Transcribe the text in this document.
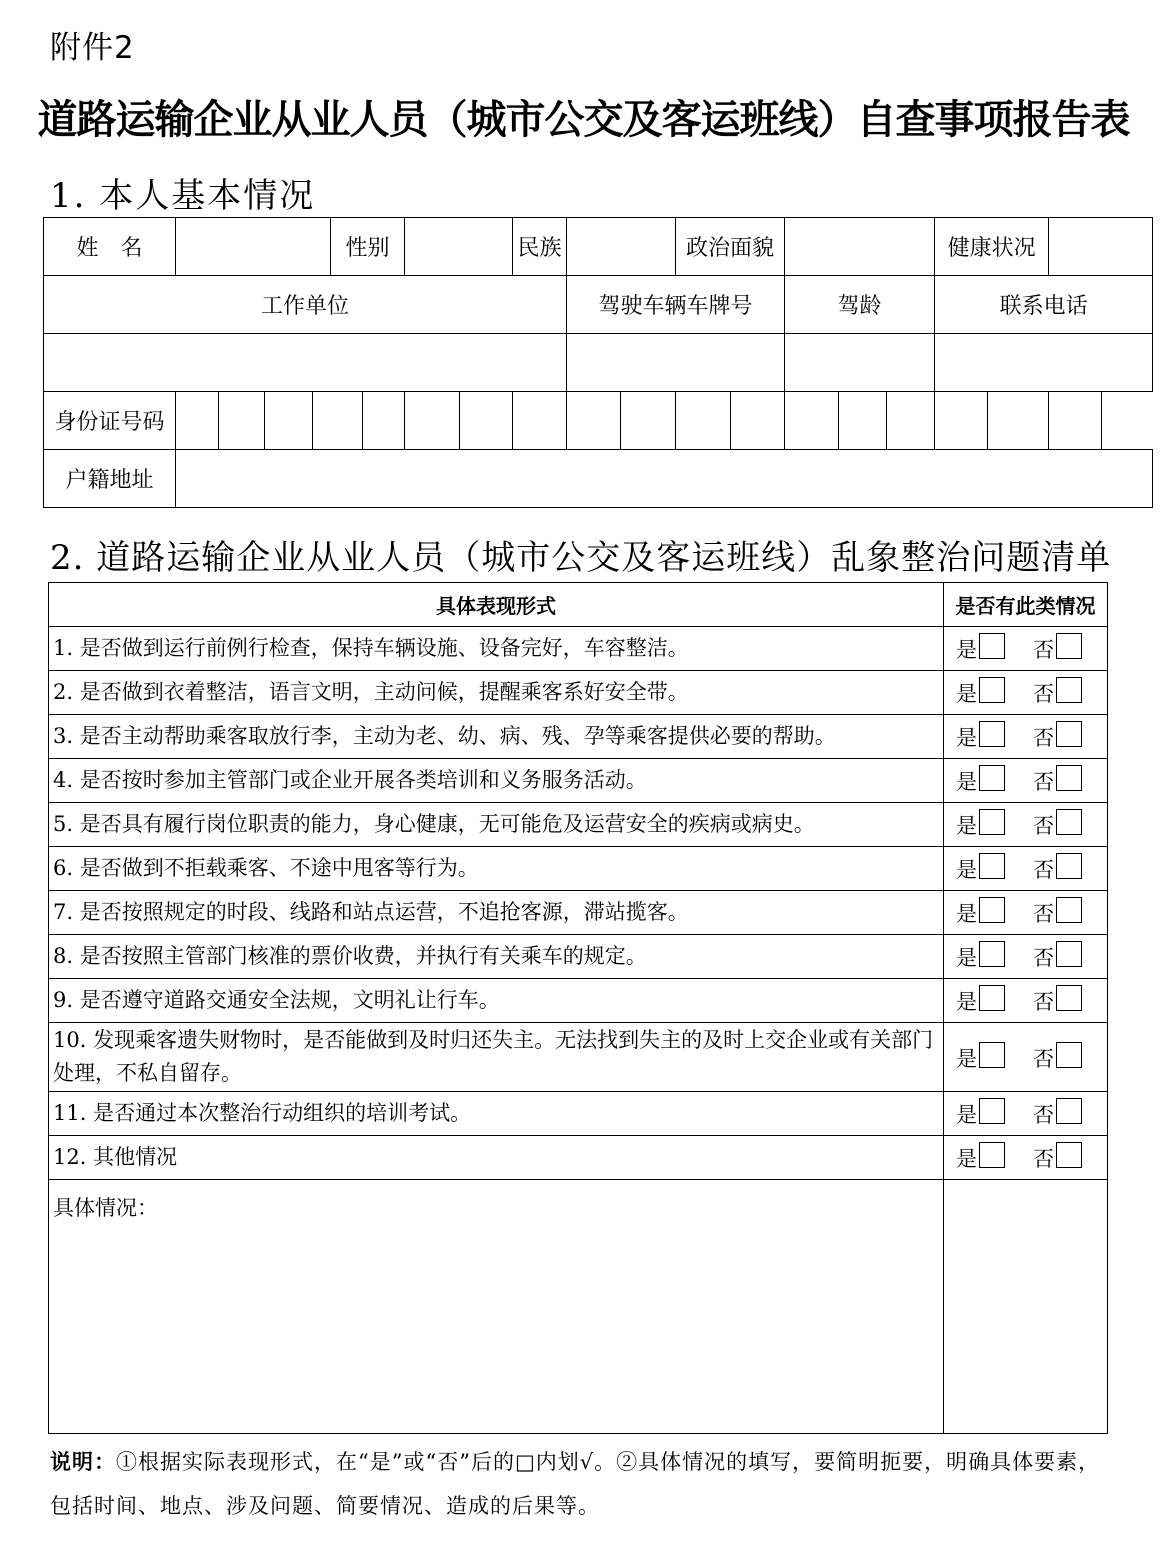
附件2
道路运输企业从业人员（城市公交及客运班线）自查事项报告表
1. 本人基本情况
姓　名					性别				民族			政治面貌					健康状况		
工作单位										驾驶车辆车牌号				驾龄			联系电话		

身份证号码																			
户籍地址																			
2. 道路运输企业从业人员（城市公交及客运班线）乱象整治问题清单
具体表现形式	是否有此类情况
1. 是否做到运行前例行检查，保持车辆设施、设备完好，车容整洁。	是 否
2. 是否做到衣着整洁，语言文明，主动问候，提醒乘客系好安全带。	是 否
3. 是否主动帮助乘客取放行李，主动为老、幼、病、残、孕等乘客提供必要的帮助。	是 否
4. 是否按时参加主管部门或企业开展各类培训和义务服务活动。	是 否
5. 是否具有履行岗位职责的能力，身心健康，无可能危及运营安全的疾病或病史。	是 否
6. 是否做到不拒载乘客、不途中甩客等行为。	是 否
7. 是否按照规定的时段、线路和站点运营，不追抢客源，滞站揽客。	是 否
8. 是否按照主管部门核准的票价收费，并执行有关乘车的规定。	是 否
9. 是否遵守道路交通安全法规，文明礼让行车。	是 否
10. 发现乘客遗失财物时，是否能做到及时归还失主。无法找到失主的及时上交企业或有关部门处理，不私自留存。	是 否
11. 是否通过本次整治行动组织的培训考试。	是 否
12. 其他情况	是 否
具体情况：	
说明：①根据实际表现形式，在“是”或“否”后的□内划√。②具体情况的填写，要简明扼要，明确具体要素，包括时间、地点、涉及问题、简要情况、造成的后果等。
